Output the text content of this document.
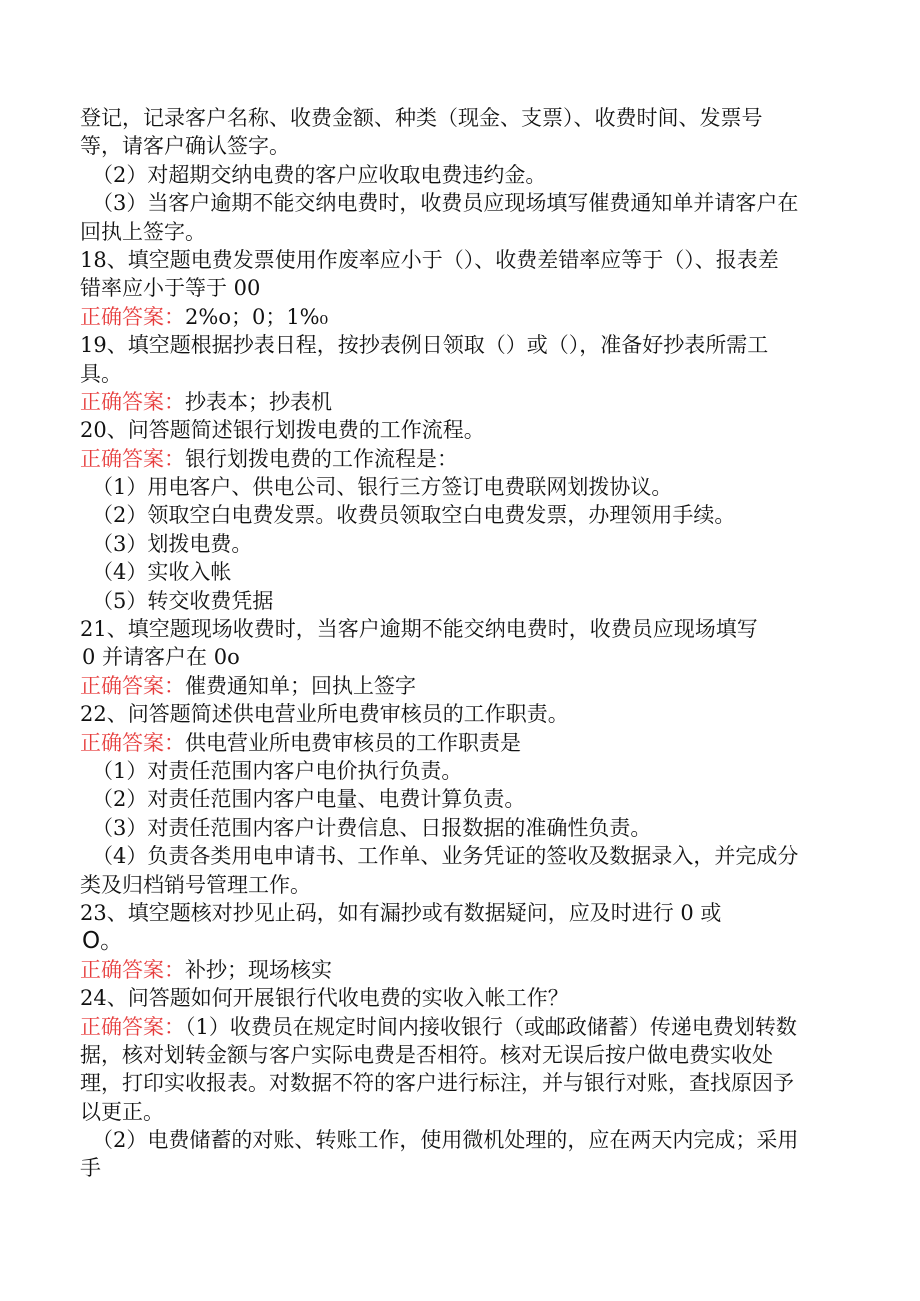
登记，记录客户名称、收费金额、种类（现金、支票）、收费时间、发票号
等，请客户确认签字。
（2）对超期交纳电费的客户应收取电费违约金。
（3）当客户逾期不能交纳电费时，收费员应现场填写催费通知单并请客户在
回执上签字。
18、填空题电费发票使用作废率应小于（）、收费差错率应等于（）、报表差
错率应小于等于 00
正确答案：2%o；0；1%₀
19、填空题根据抄表日程，按抄表例日领取（）或（），准备好抄表所需工
具。
正确答案：抄表本；抄表机
20、问答题简述银行划拨电费的工作流程。
正确答案：银行划拨电费的工作流程是：
（1）用电客户、供电公司、银行三方签订电费联网划拨协议。
（2）领取空白电费发票。收费员领取空白电费发票，办理领用手续。
（3）划拨电费。
（4）实收入帐
（5）转交收费凭据
21、填空题现场收费时，当客户逾期不能交纳电费时，收费员应现场填写
0 并请客户在 0o
正确答案：催费通知单；回执上签字
22、问答题简述供电营业所电费审核员的工作职责。
正确答案：供电营业所电费审核员的工作职责是
（1）对责任范围内客户电价执行负责。
（2）对责任范围内客户电量、电费计算负责。
（3）对责任范围内客户计费信息、日报数据的准确性负责。
（4）负责各类用电申请书、工作单、业务凭证的签收及数据录入，并完成分
类及归档销号管理工作。
23、填空题核对抄见止码，如有漏抄或有数据疑问，应及时进行 0 或
O。
正确答案：补抄；现场核实
24、问答题如何开展银行代收电费的实收入帐工作？
正确答案：（1）收费员在规定时间内接收银行（或邮政储蓄）传递电费划转数
据，核对划转金额与客户实际电费是否相符。核对无误后按户做电费实收处
理，打印实收报表。对数据不符的客户进行标注，并与银行对账，查找原因予
以更正。
（2）电费储蓄的对账、转账工作，使用微机处理的，应在两天内完成；采用
手
